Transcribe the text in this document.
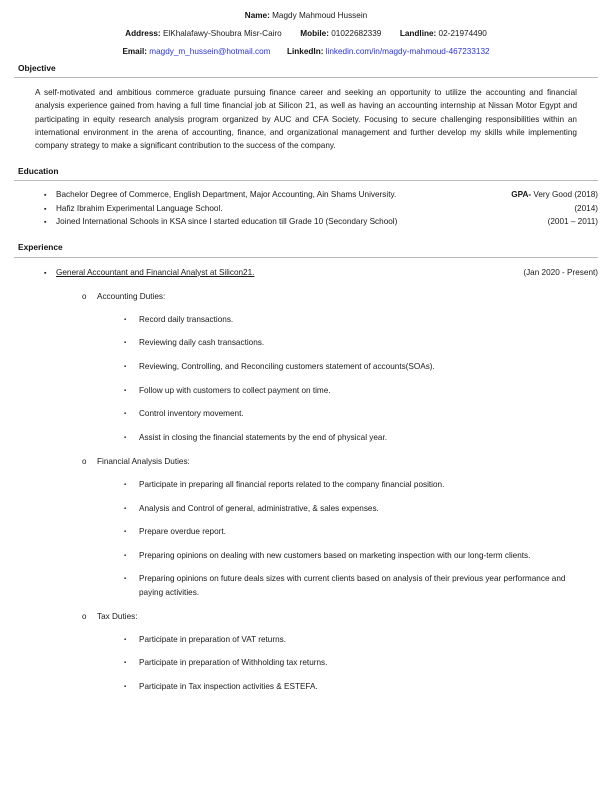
Name: Magdy Mahmoud Hussein
Address: ElKhalafawy-Shoubra Misr-Cairo Mobile: 01022682339 Landline: 02-21974490
Email: magdy_m_hussein@hotmail.com LinkedIn: linkedin.com/in/magdy-mahmoud-467233132
Objective
A self-motivated and ambitious commerce graduate pursuing finance career and seeking an opportunity to utilize the accounting and financial analysis experience gained from having a full time financial job at Silicon 21, as well as having an accounting internship at Nissan Motor Egypt and participating in equity research analysis program organized by AUC and CFA Society. Focusing to secure challenging responsibilities within an international environment in the arena of accounting, finance, and organizational management and further develop my skills while implementing company strategy to make a significant contribution to the success of the company.
Education
▪	Bachelor Degree of Commerce, English Department, Major Accounting, Ain Shams University.	GPA- Very Good (2018)
▪	Hafiz Ibrahim Experimental Language School.	(2014)
▪	Joined International Schools in KSA since I started education till Grade 10 (Secondary School)	(2001 – 2011)
Experience
▪	General Accountant and Financial Analyst at Silicon21.	(Jan 2020 - Present)
o	Accounting Duties:
▪	Record daily transactions.
▪	Reviewing daily cash transactions.
▪	Reviewing, Controlling, and Reconciling customers statement of accounts(SOAs).
▪	Follow up with customers to collect payment on time.
▪	Control inventory movement.
▪	Assist in closing the financial statements by the end of physical year.
o	Financial Analysis Duties:
▪	Participate in preparing all financial reports related to the company financial position.
▪	Analysis and Control of general, administrative, & sales expenses.
▪	Prepare overdue report.
▪	Preparing opinions on dealing with new customers based on marketing inspection with our long-term clients.
▪	Preparing opinions on future deals sizes with current clients based on analysis of their previous year performance and paying activities.
o	Tax Duties:
▪	Participate in preparation of VAT returns.
▪	Participate in preparation of Withholding tax returns.
▪	Participate in Tax inspection activities & ESTEFA.
